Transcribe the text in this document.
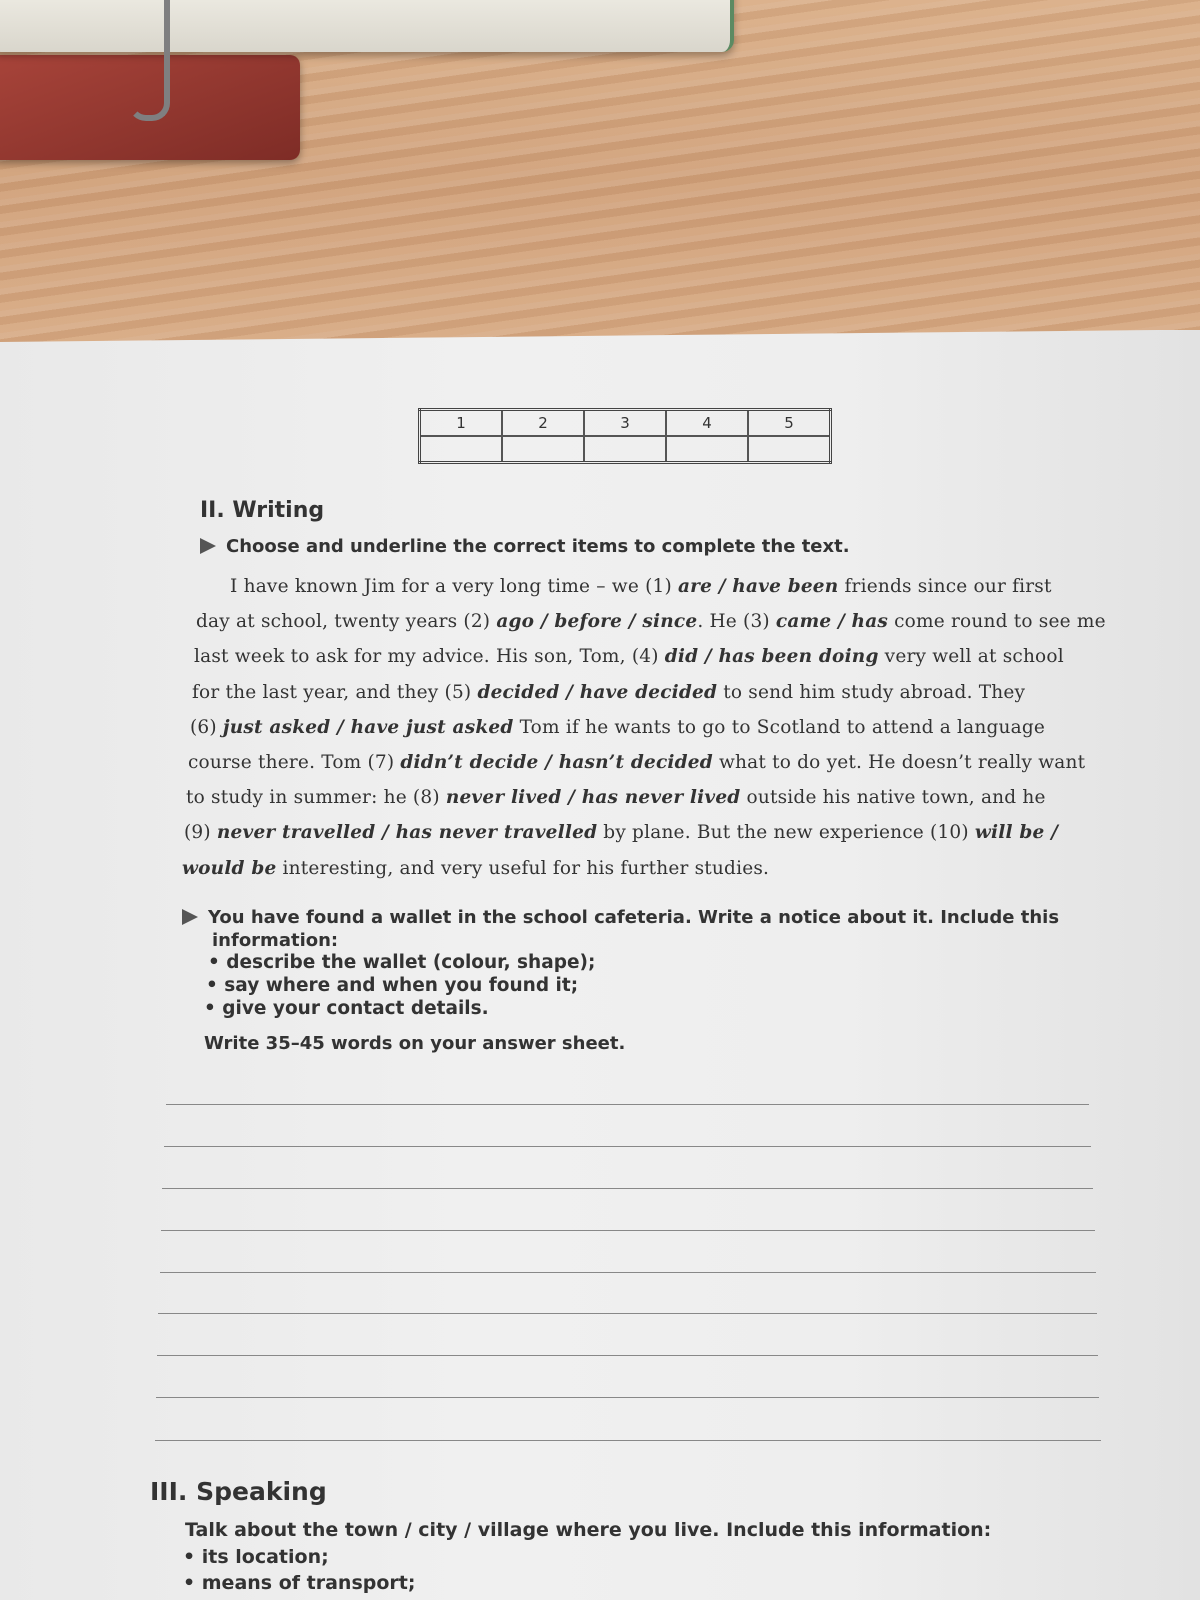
1	2	3	4	5

II. Writing
Choose and underline the correct items to complete the text.
I have known Jim for a very long time – we (1) are / have been friends since our first
day at school, twenty years (2) ago / before / since. He (3) came / has come round to see me
last week to ask for my advice. His son, Tom, (4) did / has been doing very well at school
for the last year, and they (5) decided / have decided to send him study abroad. They
(6) just asked / have just asked Tom if he wants to go to Scotland to attend a language
course there. Tom (7) didn’t decide / hasn’t decided what to do yet. He doesn’t really want
to study in summer: he (8) never lived / has never lived outside his native town, and he
(9) never travelled / has never travelled by plane. But the new experience (10) will be /
would be interesting, and very useful for his further studies.
You have found a wallet in the school cafeteria. Write a notice about it. Include this
information:
• describe the wallet (colour, shape);
• say where and when you found it;
• give your contact details.
Write 35–45 words on your answer sheet.
III. Speaking
Talk about the town / city / village where you live. Include this information:
• its location;
• means of transport;
